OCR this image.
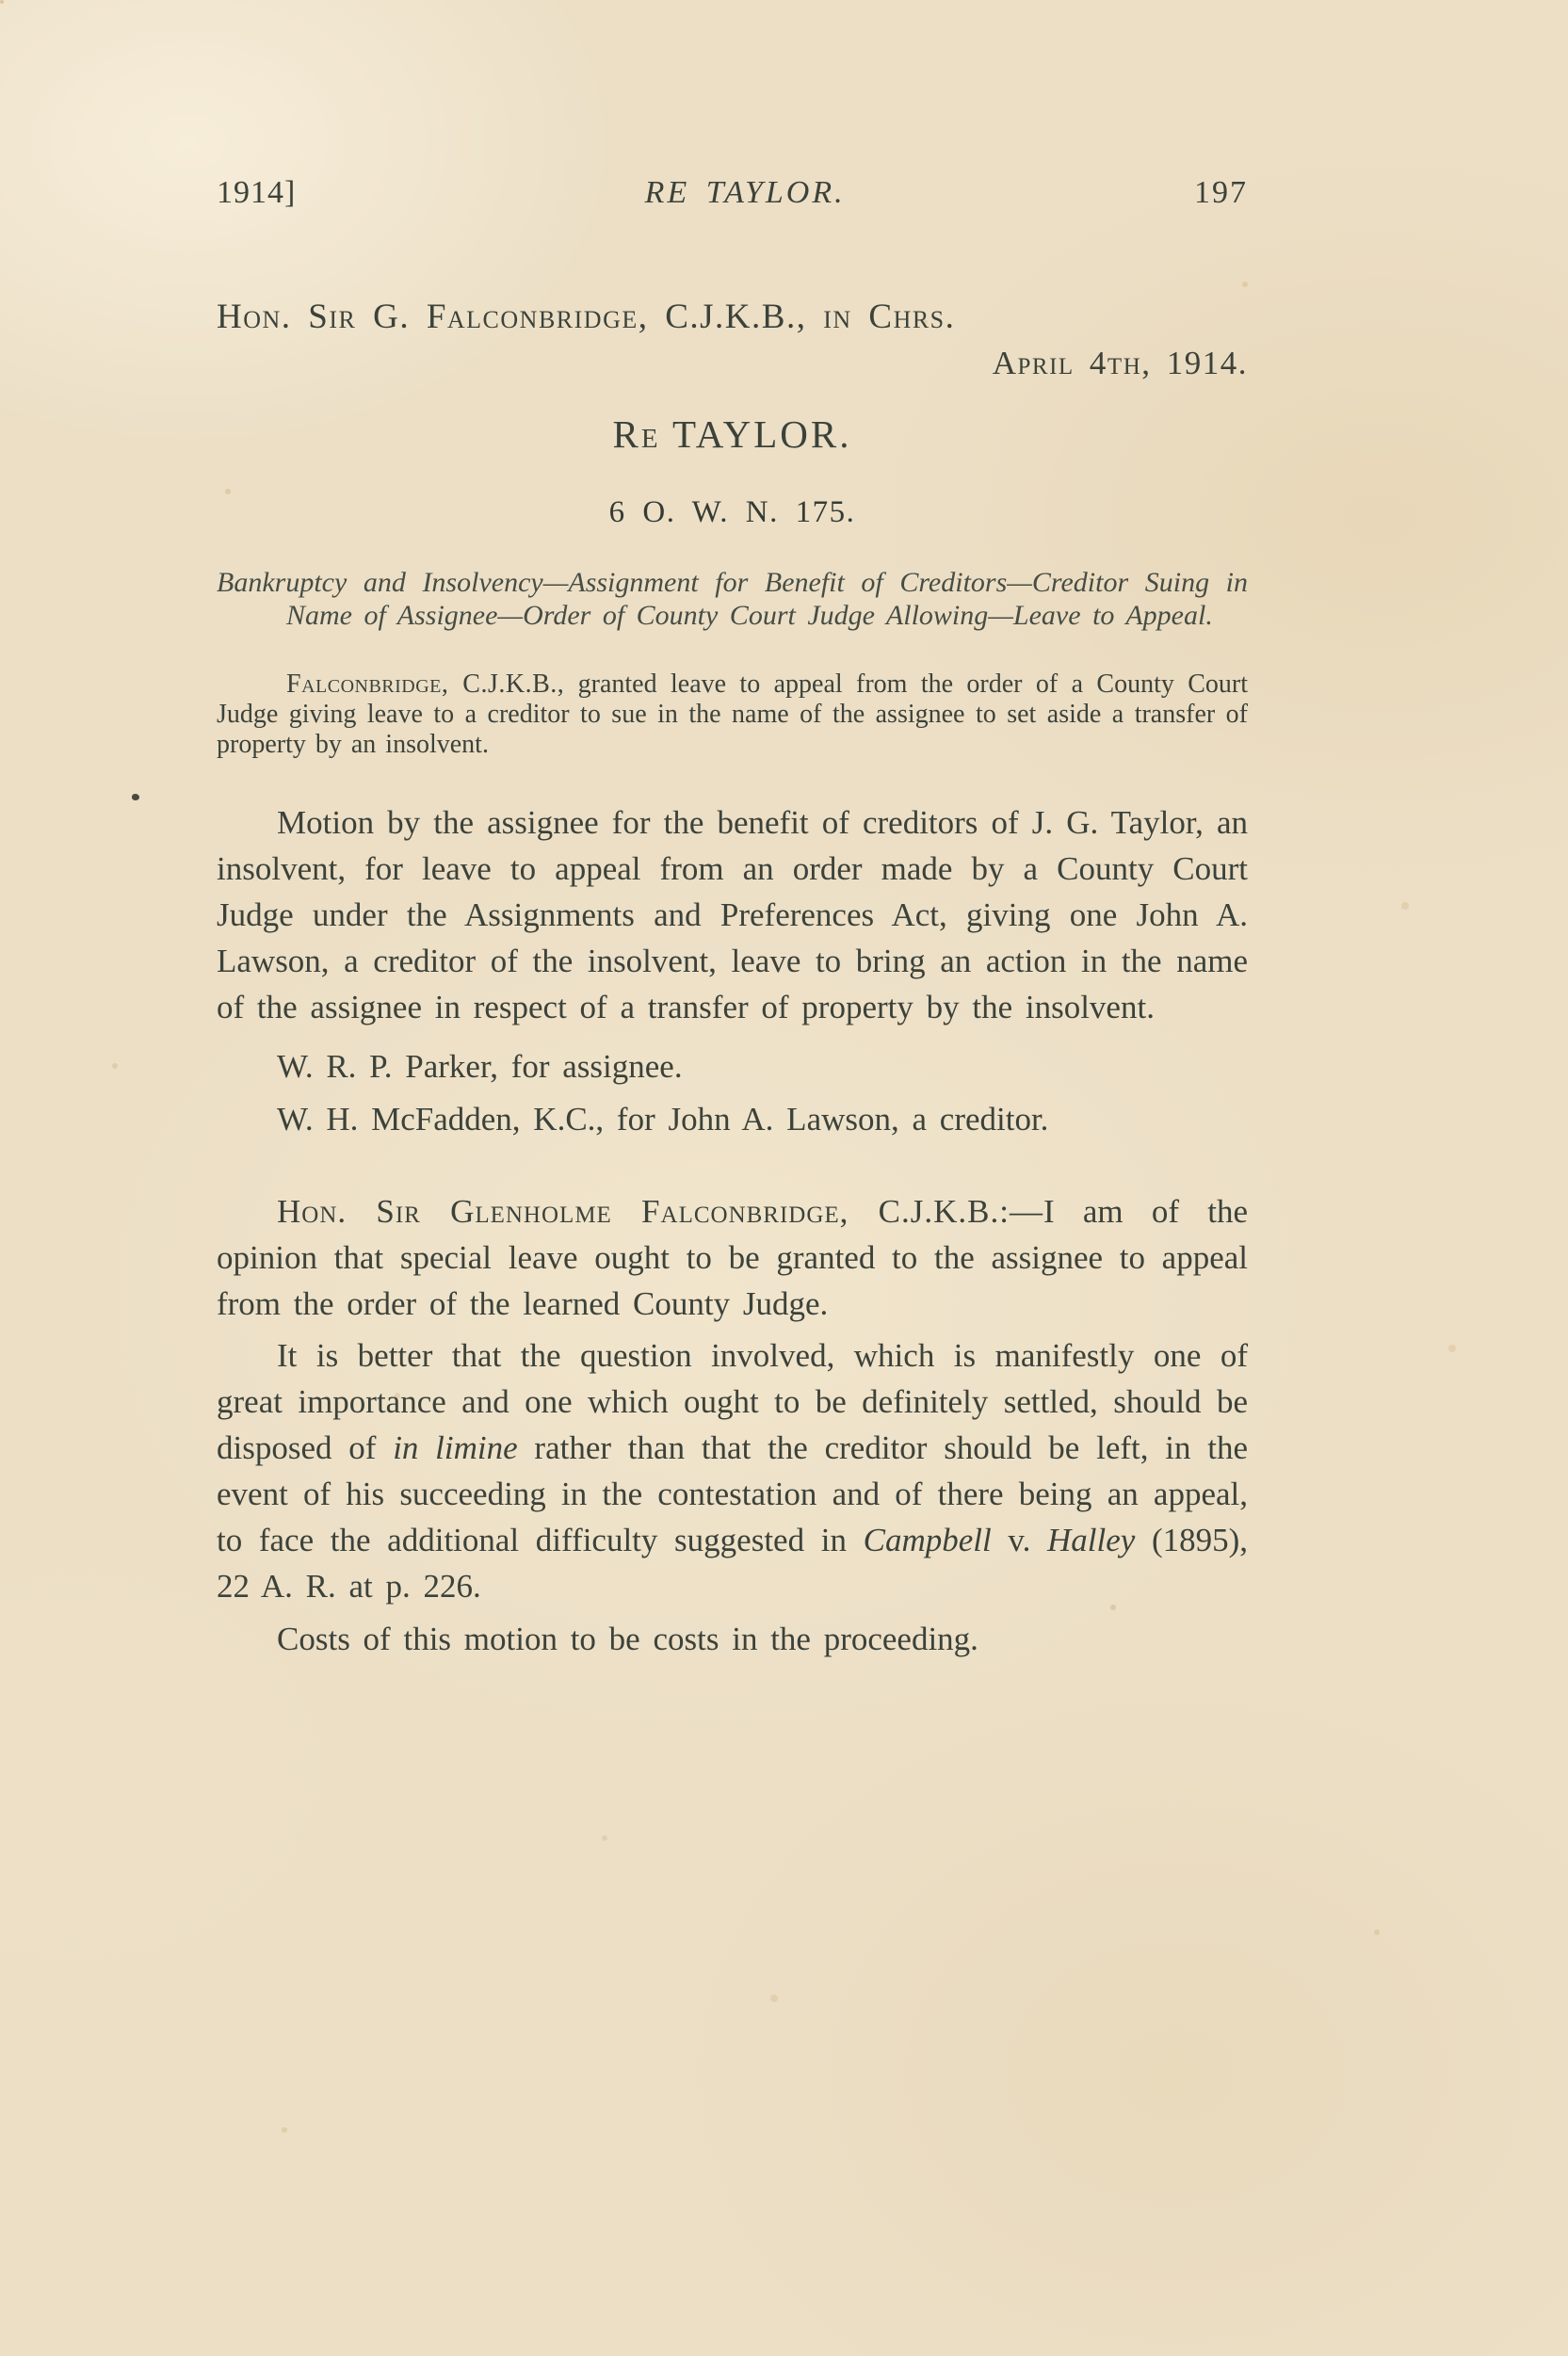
1914]	RE TAYLOR.	197
Hon. Sir G. Falconbridge, C.J.K.B., in Chrs.
April 4th, 1914.
Re TAYLOR.
6 O. W. N. 175.
Bankruptcy and Insolvency—Assignment for Benefit of Creditors—Creditor Suing in Name of Assignee—Order of County Court Judge Allowing—Leave to Appeal.
Falconbridge, C.J.K.B., granted leave to appeal from the order of a County Court Judge giving leave to a creditor to sue in the name of the assignee to set aside a transfer of property by an insolvent.

Motion by the assignee for the benefit of creditors of J. G. Taylor, an insolvent, for leave to appeal from an order made by a County Court Judge under the Assignments and Preferences Act, giving one John A. Lawson, a creditor of the insolvent, leave to bring an action in the name of the assignee in respect of a transfer of property by the insolvent.

W. R. P. Parker, for assignee.

W. H. McFadden, K.C., for John A. Lawson, a creditor.

Hon. Sir Glenholme Falconbridge, C.J.K.B.:—I am of the opinion that special leave ought to be granted to the assignee to appeal from the order of the learned County Judge.

It is better that the question involved, which is manifestly one of great importance and one which ought to be definitely settled, should be disposed of in limine rather than that the creditor should be left, in the event of his succeeding in the contestation and of there being an appeal, to face the additional difficulty suggested in Campbell v. Halley (1895), 22 A. R. at p. 226.

Costs of this motion to be costs in the proceeding.
